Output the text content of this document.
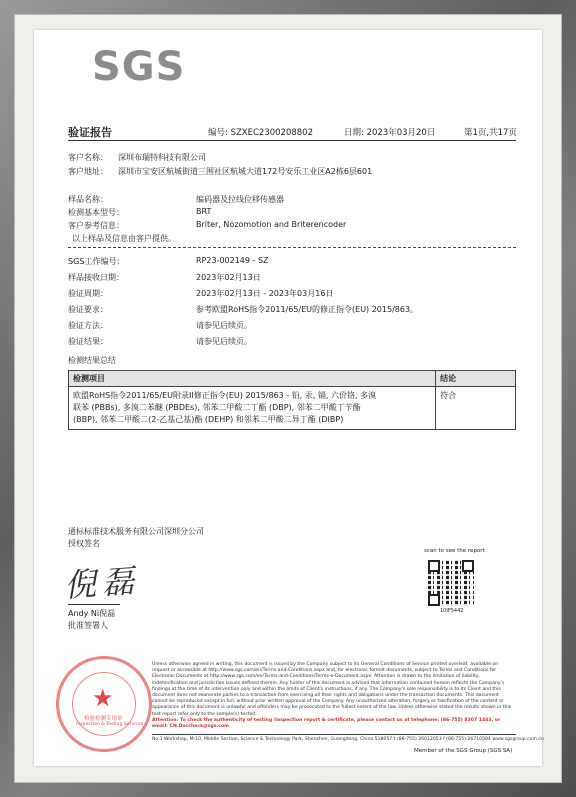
SGS
验证报告	编号: SZXEC2300208802	日期: 2023年03月20日	第1页,共17页
客户名称： 深圳布瑞特科技有限公司
客户地址： 深圳市宝安区航城街道三围社区航城大道172号安乐工业区A2栋6层601
样品名称：	编码器及拉线位移传感器
检测基本型号：	BRT
客户参考信息：	Briter, Nozomotion and Briterencoder
以上样品及信息由客户提供。
SGS工作编号：	RP23-002149 - SZ
样品接收日期：	2023年02月13日
验证周期：	2023年02月13日 - 2023年03月16日
验证要求：	参考欧盟RoHS指令2011/65/EU的修正指令(EU) 2015/863。
验证方法：	请参见后续页。
验证结果：	请参见后续页。
检测结果总结
检测项目	结论

欧盟RoHS指令2011/65/EU附录II修正指令(EU) 2015/863 - 铅, 汞, 镉, 六价铬, 多溴
联苯 (PBBs), 多溴二苯醚 (PBDEs), 邻苯二甲酸二丁酯 (DBP), 邻苯二甲酸丁苄酯
(BBP), 邻苯二甲酸二(2-乙基己基)酯 (DEHP) 和邻苯二甲酸二异丁酯 (DIBP)	符合
通标标准技术服务有限公司深圳分公司
授权签名
倪磊
Andy Ni倪磊
批准签署人
scan to see the report
10IF5442
★
检验检测专用章
Inspection & Testing Services
Unless otherwise agreed in writing, this document is issued by the Company subject to its General Conditions of Service printed overleaf, available on request or accessible at http://www.sgs.com/en/Terms-and-Conditions.aspx and, for electronic format documents, subject to Terms and Conditions for Electronic Documents at http://www.sgs.com/en/Terms-and-Conditions/Terms-e-Document.aspx. Attention is drawn to the limitation of liability, indemnification and jurisdiction issues defined therein. Any holder of this document is advised that information contained hereon reflects the Company's findings at the time of its intervention only and within the limits of Client's instructions, if any. The Company's sole responsibility is to its Client and this document does not exonerate parties to a transaction from exercising all their rights and obligations under the transaction documents. This document cannot be reproduced except in full, without prior written approval of the Company. Any unauthorized alteration, forgery or falsification of the content or appearance of this document is unlawful and offenders may be prosecuted to the fullest extent of the law. Unless otherwise stated the results shown in this test report refer only to the sample(s) tested.
Attention: To check the authenticity of testing /inspection report & certificate, please contact us at telephone: (86-755) 8307 1443, or email: CN.Doccheck@sgs.com
No.1 Workshop, M-10, Middle Section, Science & Technology Park, Shenzhen, Guangdong, China 518057 t (86-755) 26012053 f (86-755) 26710594 www.sgsgroup.com.cn
Member of the SGS Group (SGS SA)
